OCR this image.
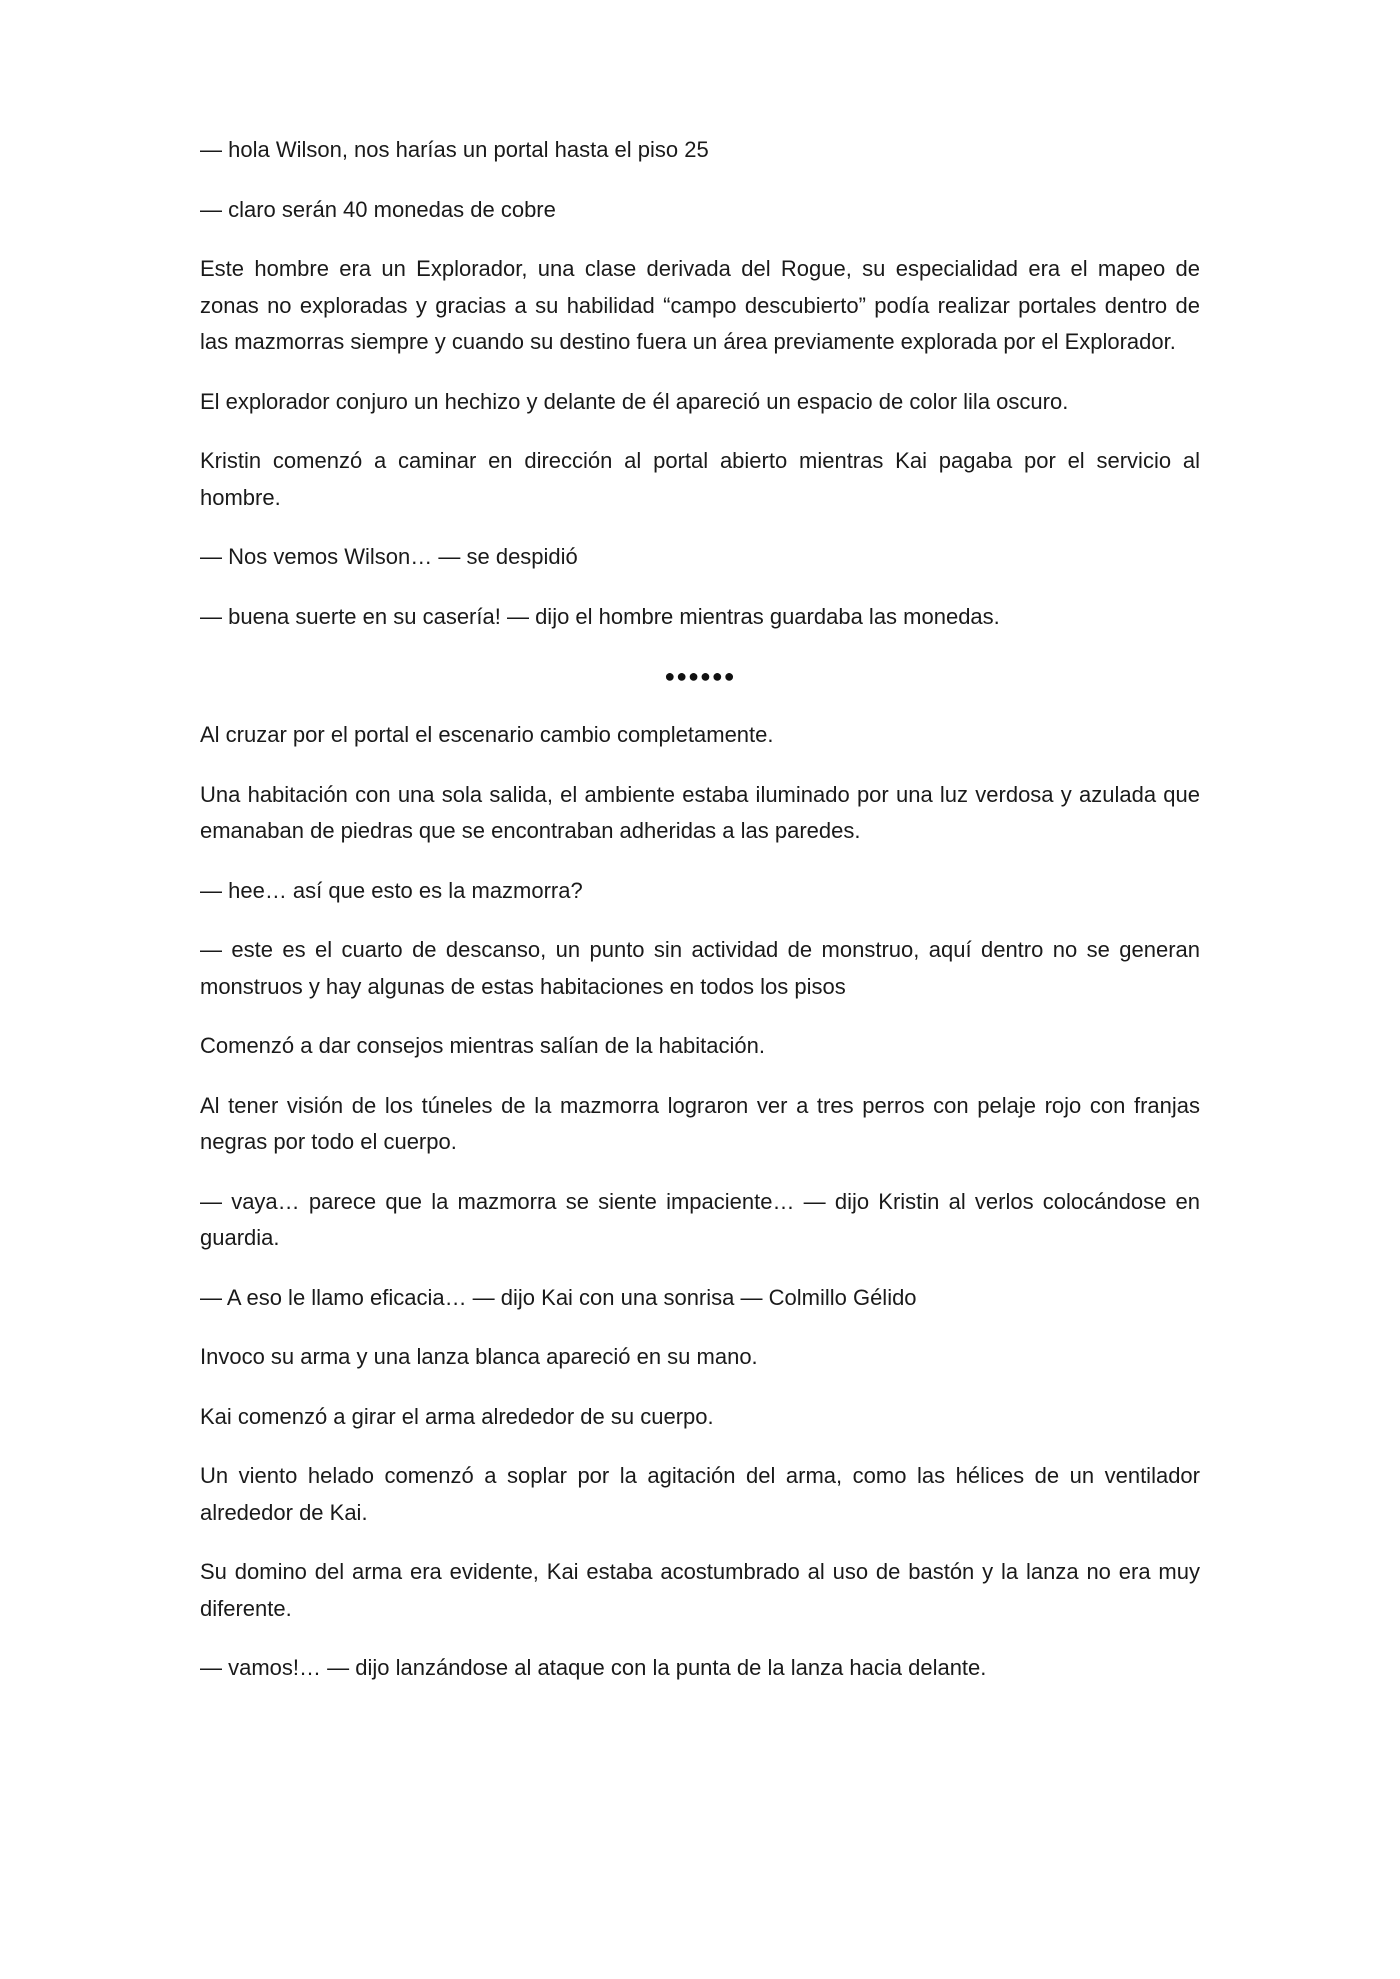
— hola Wilson, nos harías un portal hasta el piso 25

— claro serán 40 monedas de cobre

Este hombre era un Explorador, una clase derivada del Rogue, su especialidad era el mapeo de zonas no exploradas y gracias a su habilidad “campo descubierto” podía realizar portales dentro de las mazmorras siempre y cuando su destino fuera un área previamente explorada por el Explorador.

El explorador conjuro un hechizo y delante de él apareció un espacio de color lila oscuro.

Kristin comenzó a caminar en dirección al portal abierto mientras Kai pagaba por el servicio al hombre.

— Nos vemos Wilson… — se despidió

— buena suerte en su casería! — dijo el hombre mientras guardaba las monedas.

●●●●●●

Al cruzar por el portal el escenario cambio completamente.

Una habitación con una sola salida, el ambiente estaba iluminado por una luz verdosa y azulada que emanaban de piedras que se encontraban adheridas a las paredes.

— hee… así que esto es la mazmorra?

— este es el cuarto de descanso, un punto sin actividad de monstruo, aquí dentro no se generan monstruos y hay algunas de estas habitaciones en todos los pisos

Comenzó a dar consejos mientras salían de la habitación.

Al tener visión de los túneles de la mazmorra lograron ver a tres perros con pelaje rojo con franjas negras por todo el cuerpo.

— vaya… parece que la mazmorra se siente impaciente… — dijo Kristin al verlos colocándose en guardia.

— A eso le llamo eficacia… — dijo Kai con una sonrisa — Colmillo Gélido

Invoco su arma y una lanza blanca apareció en su mano.

Kai comenzó a girar el arma alrededor de su cuerpo.

Un viento helado comenzó a soplar por la agitación del arma, como las hélices de un ventilador alrededor de Kai.

Su domino del arma era evidente, Kai estaba acostumbrado al uso de bastón y la lanza no era muy diferente.

— vamos!… — dijo lanzándose al ataque con la punta de la lanza hacia delante.
